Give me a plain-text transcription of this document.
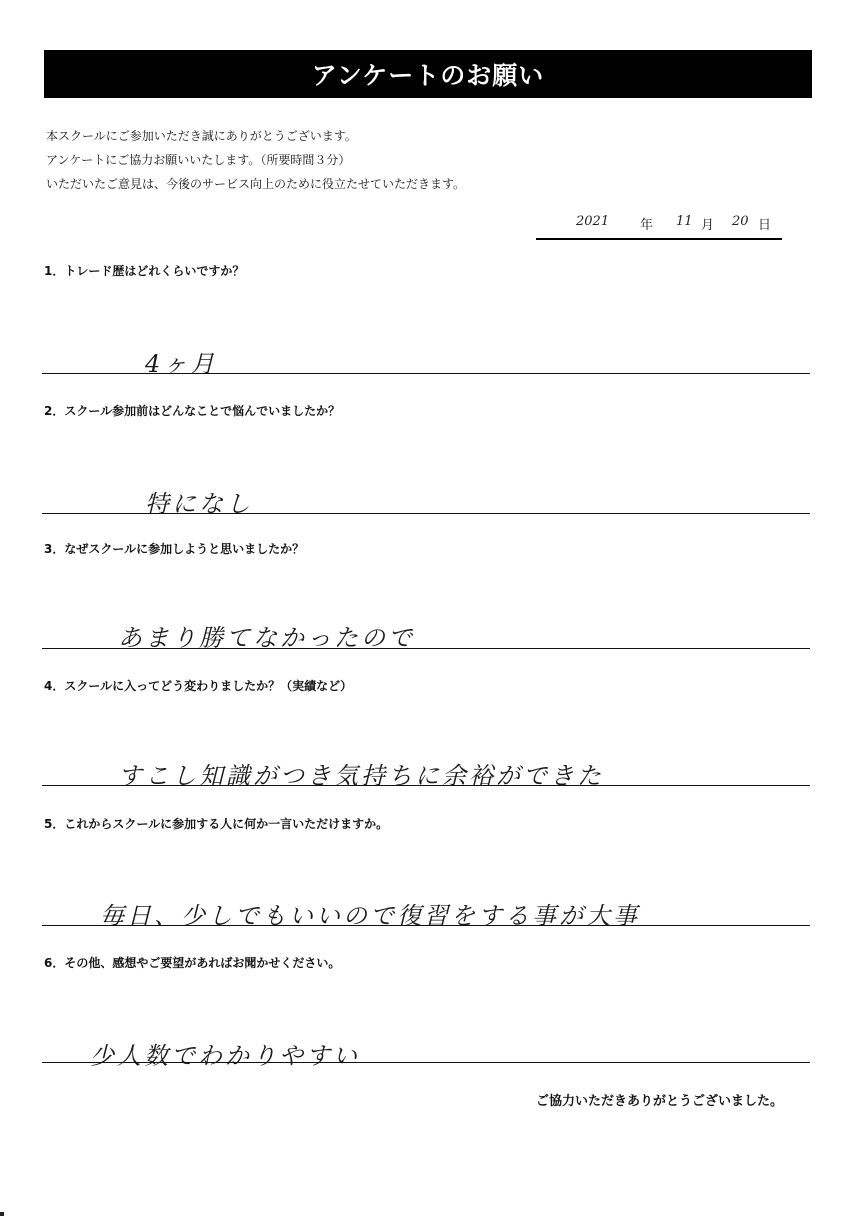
アンケートのお願い
本スクールにご参加いただき誠にありがとうございます。
アンケートにご協力お願いいたします。（所要時間３分）
いただいたご意見は、今後のサービス向上のために役立たせていただきます。
2021 年 11 月 20 日
1．トレード歴はどれくらいですか？
4ヶ月
2．スクール参加前はどんなことで悩んでいましたか？
特になし
3．なぜスクールに参加しようと思いましたか？
あまり勝てなかったので
4．スクールに入ってどう変わりましたか？（実績など）
すこし知識がつき気持ちに余裕ができた
5．これからスクールに参加する人に何か一言いただけますか。
毎日、少しでもいいので復習をする事が大事
6．その他、感想やご要望があればお聞かせください。
少人数でわかりやすい
ご協力いただきありがとうございました。
